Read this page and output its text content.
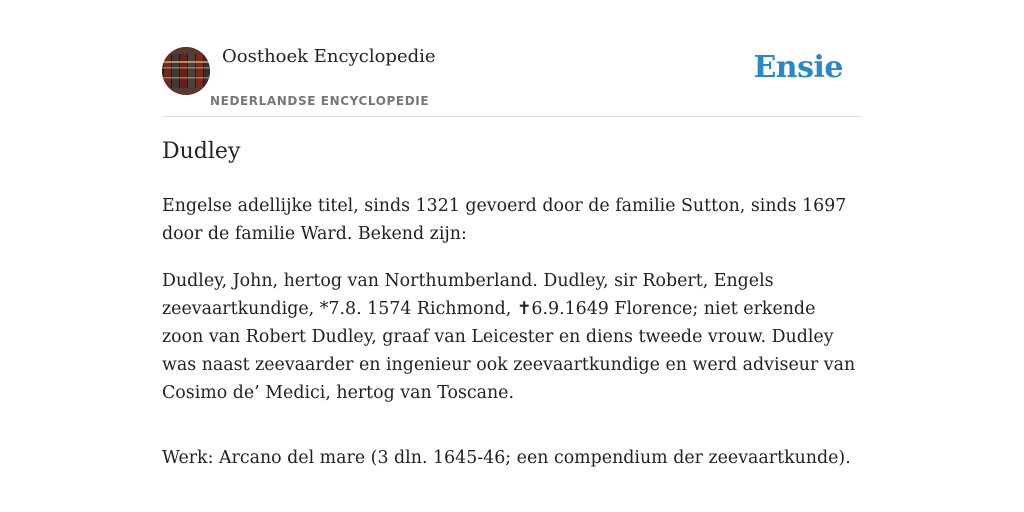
Oosthoek Encyclopedie
NEDERLANDSE ENCYCLOPEDIE
Ensie
Dudley

Engelse adellijke titel, sinds 1321 gevoerd door de familie Sutton, sinds 1697 door de familie Ward. Bekend zijn:

Dudley, John, hertog van Northumberland. Dudley, sir Robert, Engels zeevaartkundige, *7.8. 1574 Richmond, ✝6.9.1649 Florence; niet erkende zoon van Robert Dudley, graaf van Leicester en diens tweede vrouw. Dudley was naast zeevaarder en ingenieur ook zeevaartkundige en werd adviseur van Cosimo de’ Medici, hertog van Toscane.

Werk: Arcano del mare (3 dln. 1645-46; een compendium der zeevaartkunde).
